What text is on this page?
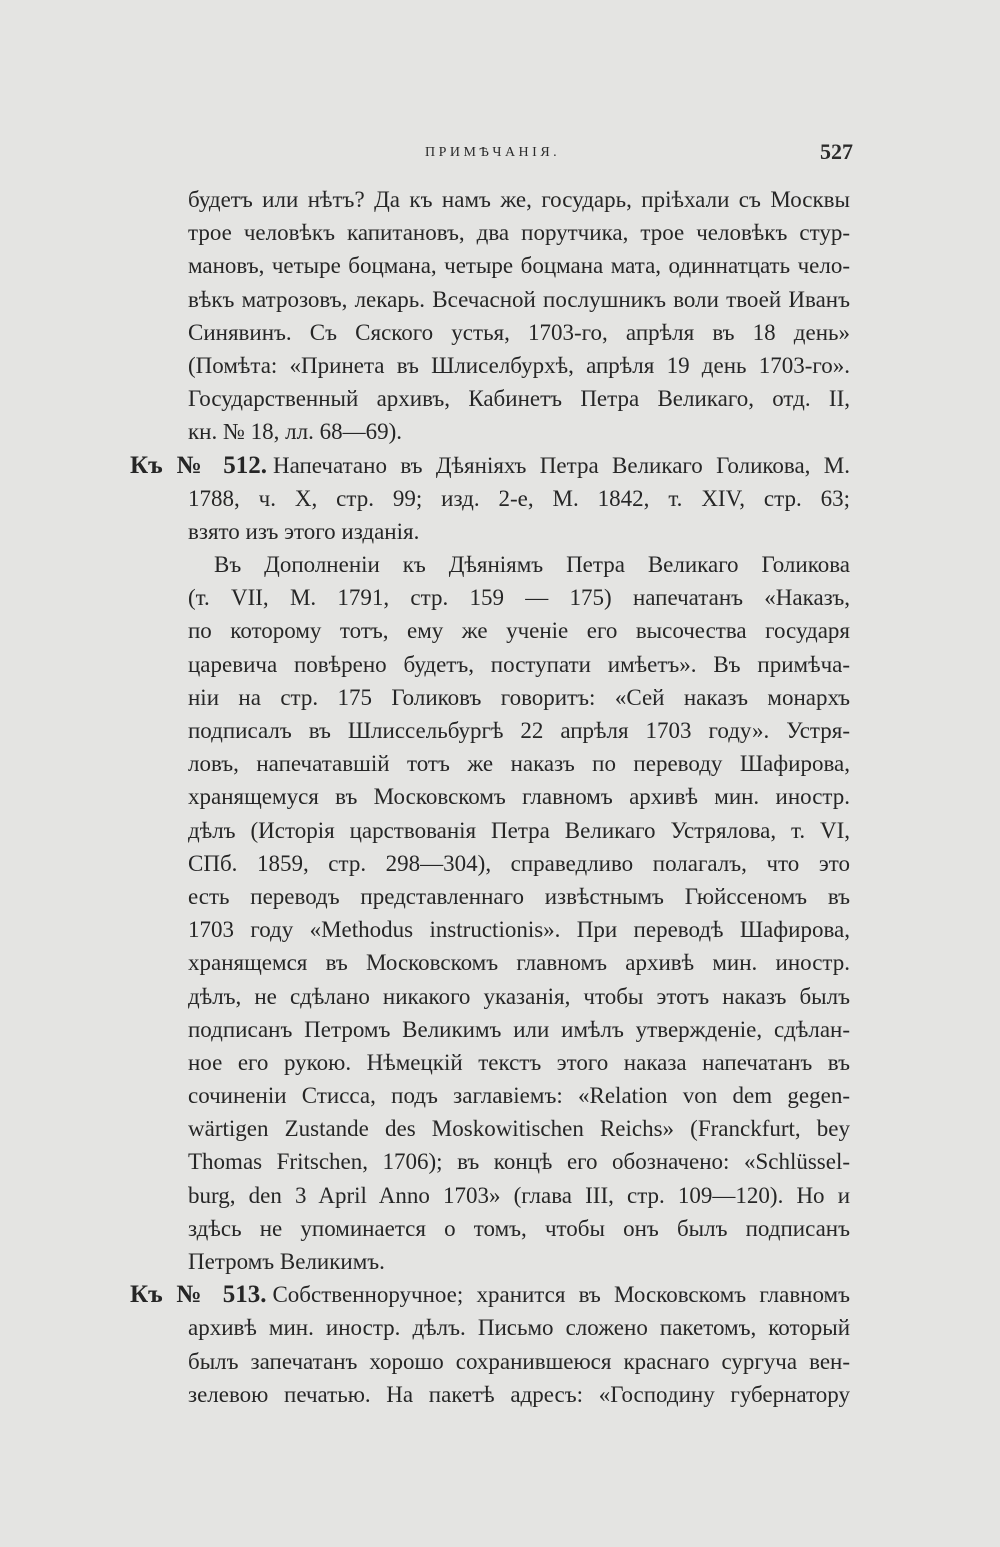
ПРИМѢЧАНІЯ.	527
будетъ или нѣтъ? Да къ намъ же, государь, пріѣхали съ Москвы
трое человѣкъ капитановъ, два порутчика, трое человѣкъ стур-
мановъ, четыре боцмана, четыре боцмана мата, одиннатцать чело-
вѣкъ матрозовъ, лекарь. Всечасной послушникъ воли твоей Иванъ
Синявинъ. Съ Сяского устья, 1703-го, апрѣля въ 18 день»
(Помѣта: «Принета въ Шлиселбурхѣ, апрѣля 19 день 1703-го».
Государственный архивъ, Кабинетъ Петра Великаго, отд. II,
кн. № 18, лл. 68—69).
Къ № 512. Напечатано въ Дѣяніяхъ Петра Великаго Голикова, М.
1788, ч. X, стр. 99; изд. 2-е, М. 1842, т. XIV, стр. 63;
взято изъ этого изданія.
Въ Дополненіи къ Дѣяніямъ Петра Великаго Голикова
(т. VII, М. 1791, стр. 159 — 175) напечатанъ «Наказъ,
по которому тотъ, ему же ученіе его высочества государя
царевича повѣрено будетъ, поступати имѣетъ». Въ примѣча-
ніи на стр. 175 Голиковъ говоритъ: «Сей наказъ монархъ
подписалъ въ Шлиссельбургѣ 22 апрѣля 1703 году». Устря-
ловъ, напечатавшій тотъ же наказъ по переводу Шафирова,
хранящемуся въ Московскомъ главномъ архивѣ мин. иностр.
дѣлъ (Исторія царствованія Петра Великаго Устрялова, т. VI,
СПб. 1859, стр. 298—304), справедливо полагалъ, что это
есть переводъ представленнаго извѣстнымъ Гюйссеномъ въ
1703 году «Methodus instructionis». При переводѣ Шафирова,
хранящемся въ Московскомъ главномъ архивѣ мин. иностр.
дѣлъ, не сдѣлано никакого указанія, чтобы этотъ наказъ былъ
подписанъ Петромъ Великимъ или имѣлъ утвержденіе, сдѣлан-
ное его рукою. Нѣмецкій текстъ этого наказа напечатанъ въ
сочиненіи Стисса, подъ заглавіемъ: «Relation von dem gegen-
wärtigen Zustande des Moskowitischen Reichs» (Franckfurt, bey
Thomas Fritschen, 1706); въ концѣ его обозначено: «Schlüssel-
burg, den 3 April Anno 1703» (глава III, стр. 109—120). Но и
здѣсь не упоминается о томъ, чтобы онъ былъ подписанъ
Петромъ Великимъ.
Къ № 513. Собственноручное; хранится въ Московскомъ главномъ
архивѣ мин. иностр. дѣлъ. Письмо сложено пакетомъ, который
былъ запечатанъ хорошо сохранившеюся краснаго сургуча вен-
зелевою печатью. На пакетѣ адресъ: «Господину губернатору
